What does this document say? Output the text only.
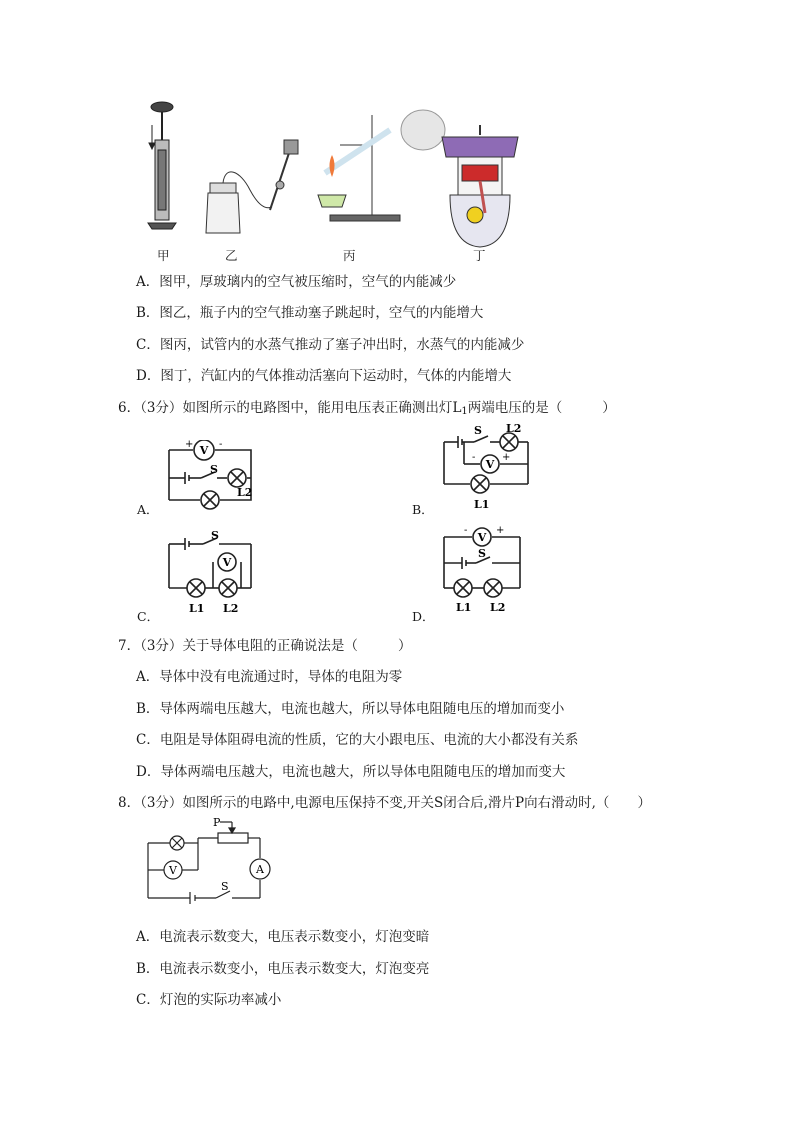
甲	乙	丙	丁
A．图甲，厚玻璃内的空气被压缩时，空气的内能减少
B．图乙，瓶子内的空气推动塞子跳起时，空气的内能增大
C．图丙，试管内的水蒸气推动了塞子冲出时，水蒸气的内能减少
D．图丁，汽缸内的气体推动活塞向下运动时，气体的内能增大
6．（3分）如图所示的电路图中，能用电压表正确测出灯$L_1$两端电压的是（	）
V
+	-
S
L2
A．
V
S L2
L1
-	+
B．
V
S
L1 L2
C．
V
-	+
S
L1 L2
D．
7．（3分）关于导体电阻的正确说法是（	）
A．导体中没有电流通过时，导体的电阻为零
B．导体两端电压越大，电流也越大，所以导体电阻随电压的增加而变小
C．电阻是导体阻碍电流的性质，它的大小跟电压、电流的大小都没有关系
D．导体两端电压越大，电流也越大，所以导体电阻随电压的增加而变大
8．（3分）如图所示的电路中,电源电压保持不变,开关S闭合后,滑片P向右滑动时,（ ）
V	A
P
S
A．电流表示数变大，电压表示数变小，灯泡变暗
B．电流表示数变小，电压表示数变大，灯泡变亮
C．灯泡的实际功率减小
